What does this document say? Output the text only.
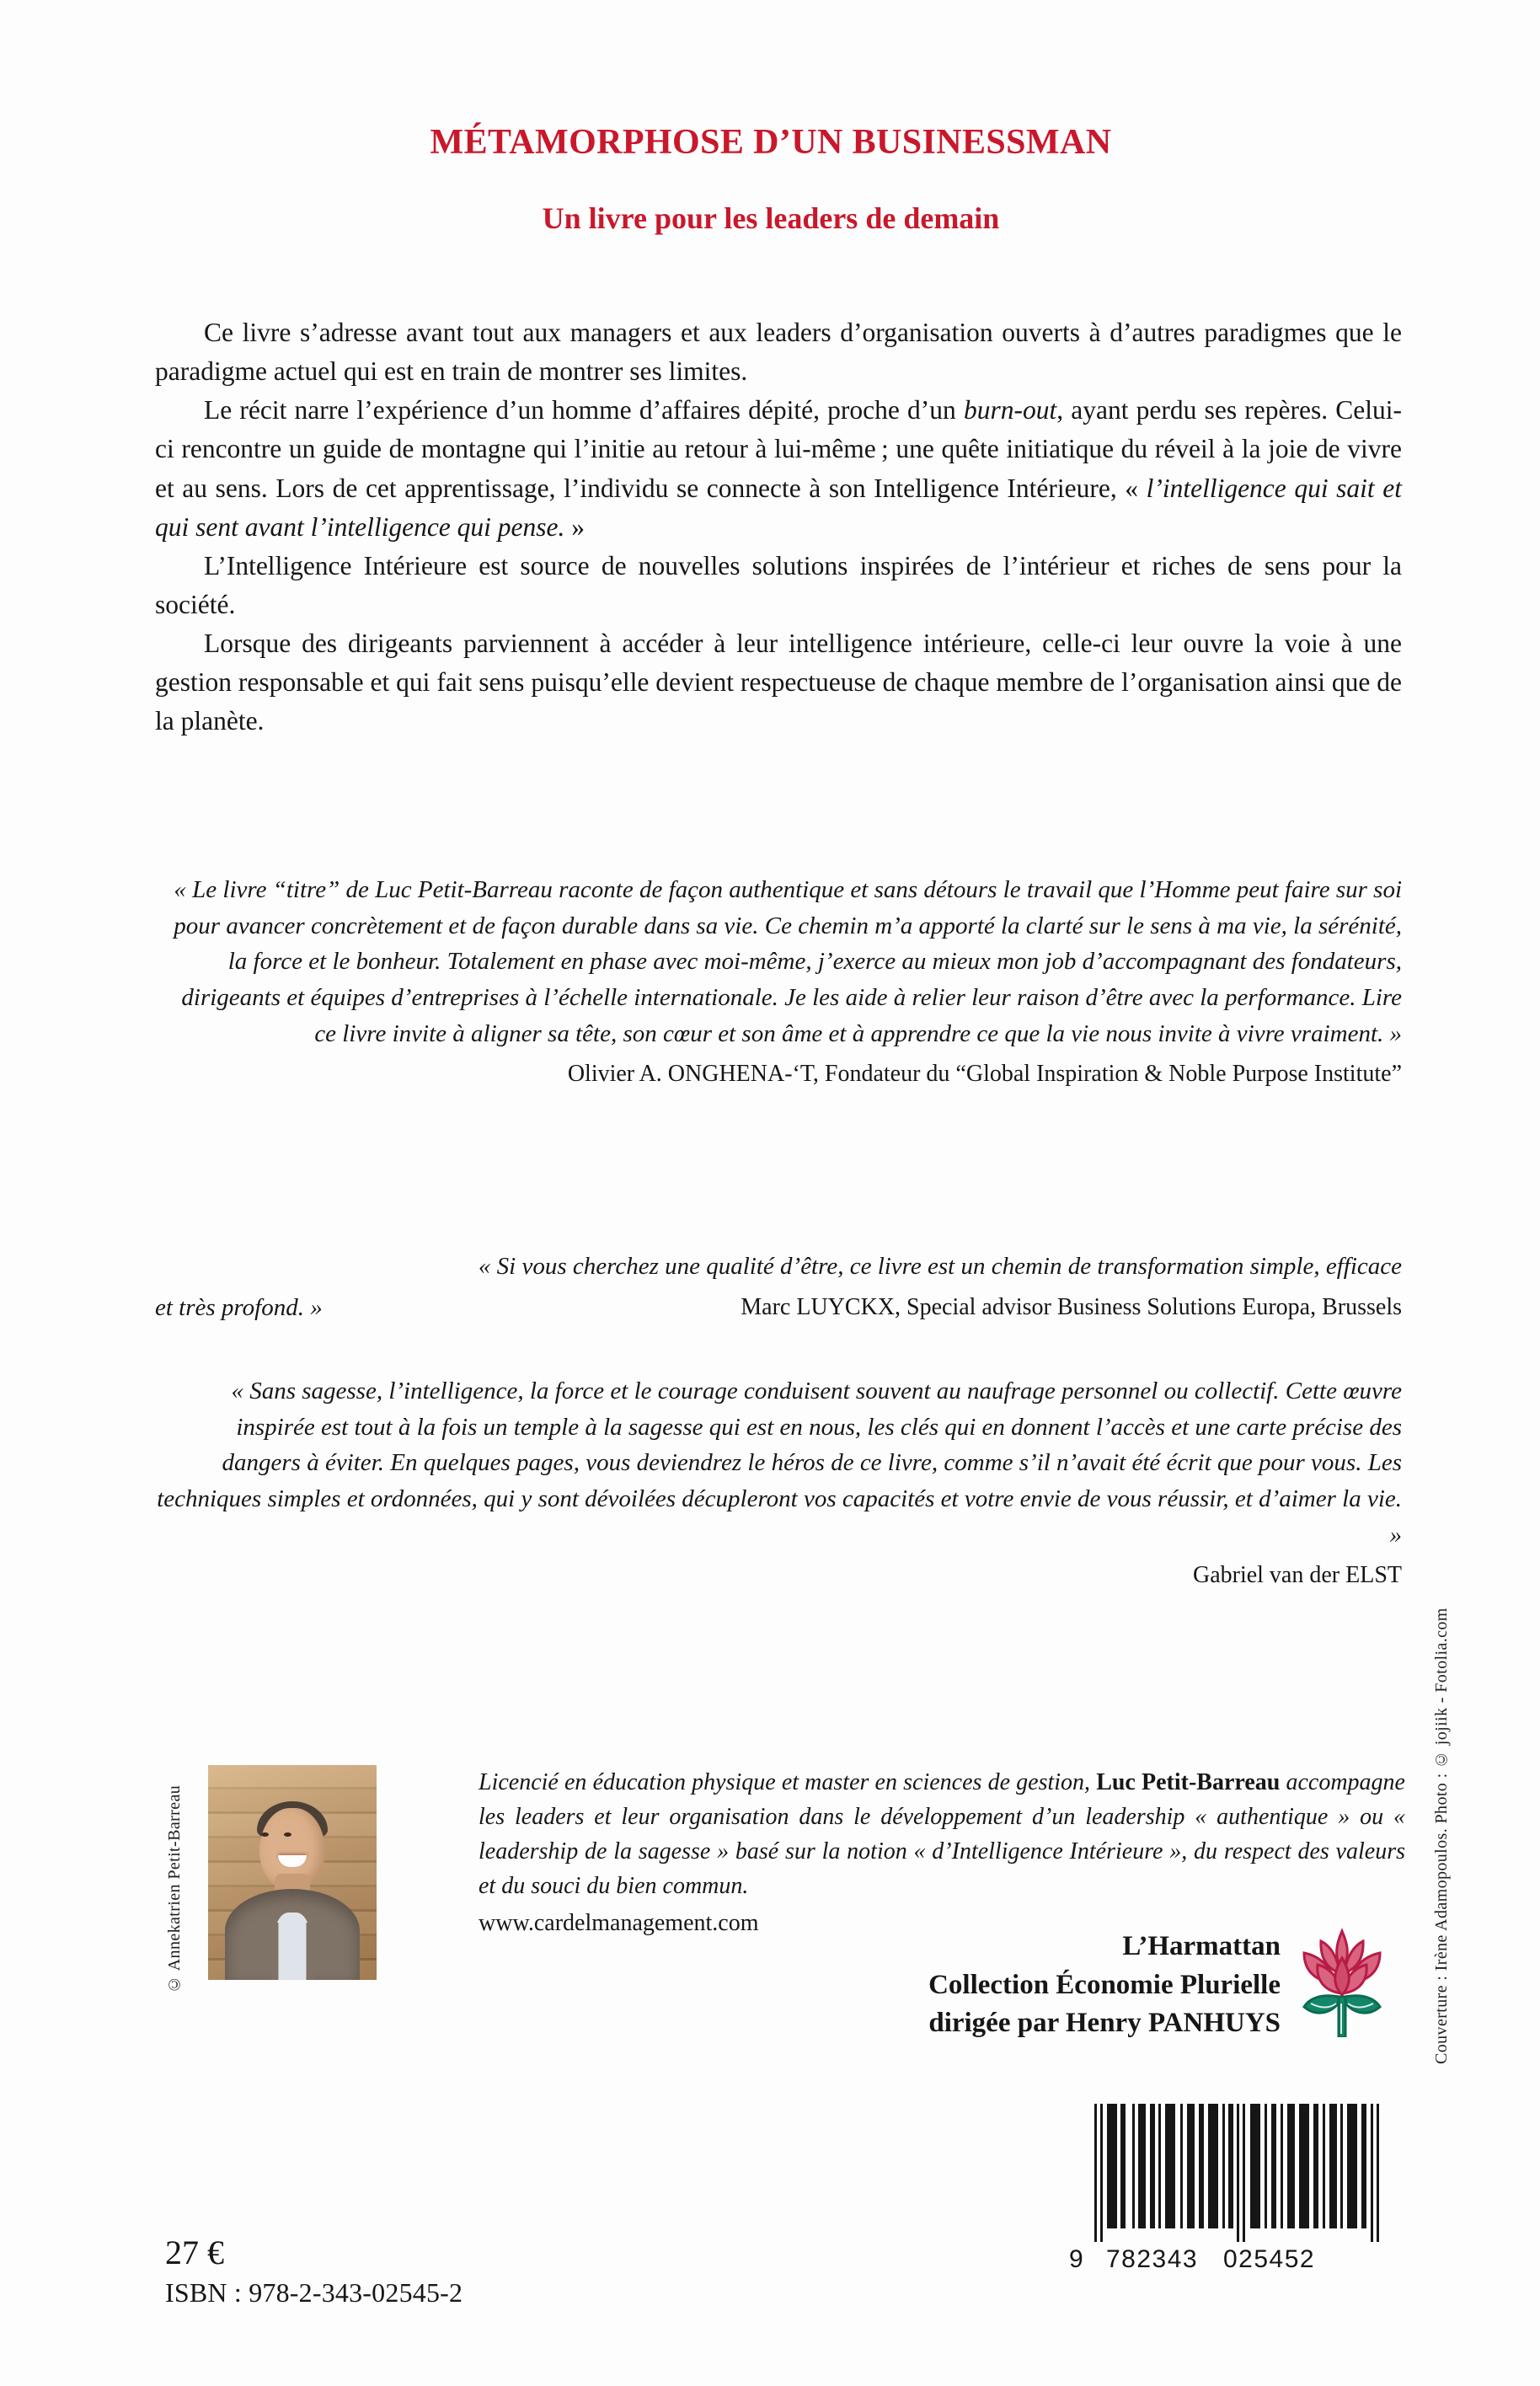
MÉTAMORPHOSE D’UN BUSINESSMAN
Un livre pour les leaders de demain

Ce livre s’adresse avant tout aux managers et aux leaders d’organisation ouverts à d’autres paradigmes que le paradigme actuel qui est en train de montrer ses limites.

Le récit narre l’expérience d’un homme d’affaires dépité, proche d’un burn-out, ayant perdu ses repères. Celui-ci rencontre un guide de montagne qui l’initie au retour à lui-même ; une quête initiatique du réveil à la joie de vivre et au sens. Lors de cet apprentissage, l’individu se connecte à son Intelligence Intérieure, « l’intelligence qui sait et qui sent avant l’intelligence qui pense. »

L’Intelligence Intérieure est source de nouvelles solutions inspirées de l’intérieur et riches de sens pour la société.

Lorsque des dirigeants parviennent à accéder à leur intelligence intérieure, celle-ci leur ouvre la voie à une gestion responsable et qui fait sens puisqu’elle devient respectueuse de chaque membre de l’organisation ainsi que de la planète.

« Le livre “titre” de Luc Petit-Barreau raconte de façon authentique et sans détours le travail que l’Homme peut faire sur soi pour avancer concrètement et de façon durable dans sa vie. Ce chemin m’a apporté la clarté sur le sens à ma vie, la sérénité, la force et le bonheur. Totalement en phase avec moi-même, j’exerce au mieux mon job d’accompagnant des fondateurs, dirigeants et équipes d’entreprises à l’échelle internationale. Je les aide à relier leur raison d’être avec la performance. Lire ce livre invite à aligner sa tête, son cœur et son âme et à apprendre ce que la vie nous invite à vivre vraiment. »
Olivier A. ONGHENA-‘T, Fondateur du “Global Inspiration & Noble Purpose Institute”
« Si vous cherchez une qualité d’être, ce livre est un chemin de transformation simple, efficace
et très profond. »	Marc LUYCKX, Special advisor Business Solutions Europa, Brussels
« Sans sagesse, l’intelligence, la force et le courage conduisent souvent au naufrage personnel ou collectif. Cette œuvre inspirée est tout à la fois un temple à la sagesse qui est en nous, les clés qui en donnent l’accès et une carte précise des dangers à éviter. En quelques pages, vous deviendrez le héros de ce livre, comme s’il n’avait été écrit que pour vous. Les techniques simples et ordonnées, qui y sont dévoilées décupleront vos capacités et votre envie de vous réussir, et d’aimer la vie. »
Gabriel van der ELST
© Annekatrien Petit-Barreau	Couverture : Irène Adamopoulos. Photo : © jojiik - Fotolia.com
Licencié en éducation physique et master en sciences de gestion, Luc Petit-Barreau accompagne les leaders et leur organisation dans le développement d’un leadership « authentique » ou « leadership de la sagesse » basé sur la notion « d’Intelligence Intérieure », du respect des valeurs et du souci du bien commun.
www.cardelmanagement.com
L’Harmattan
Collection Économie Plurielle
dirigée par Henry PANHUYS
27 €
ISBN : 978-2-343-02545-2
9 782343 025452
